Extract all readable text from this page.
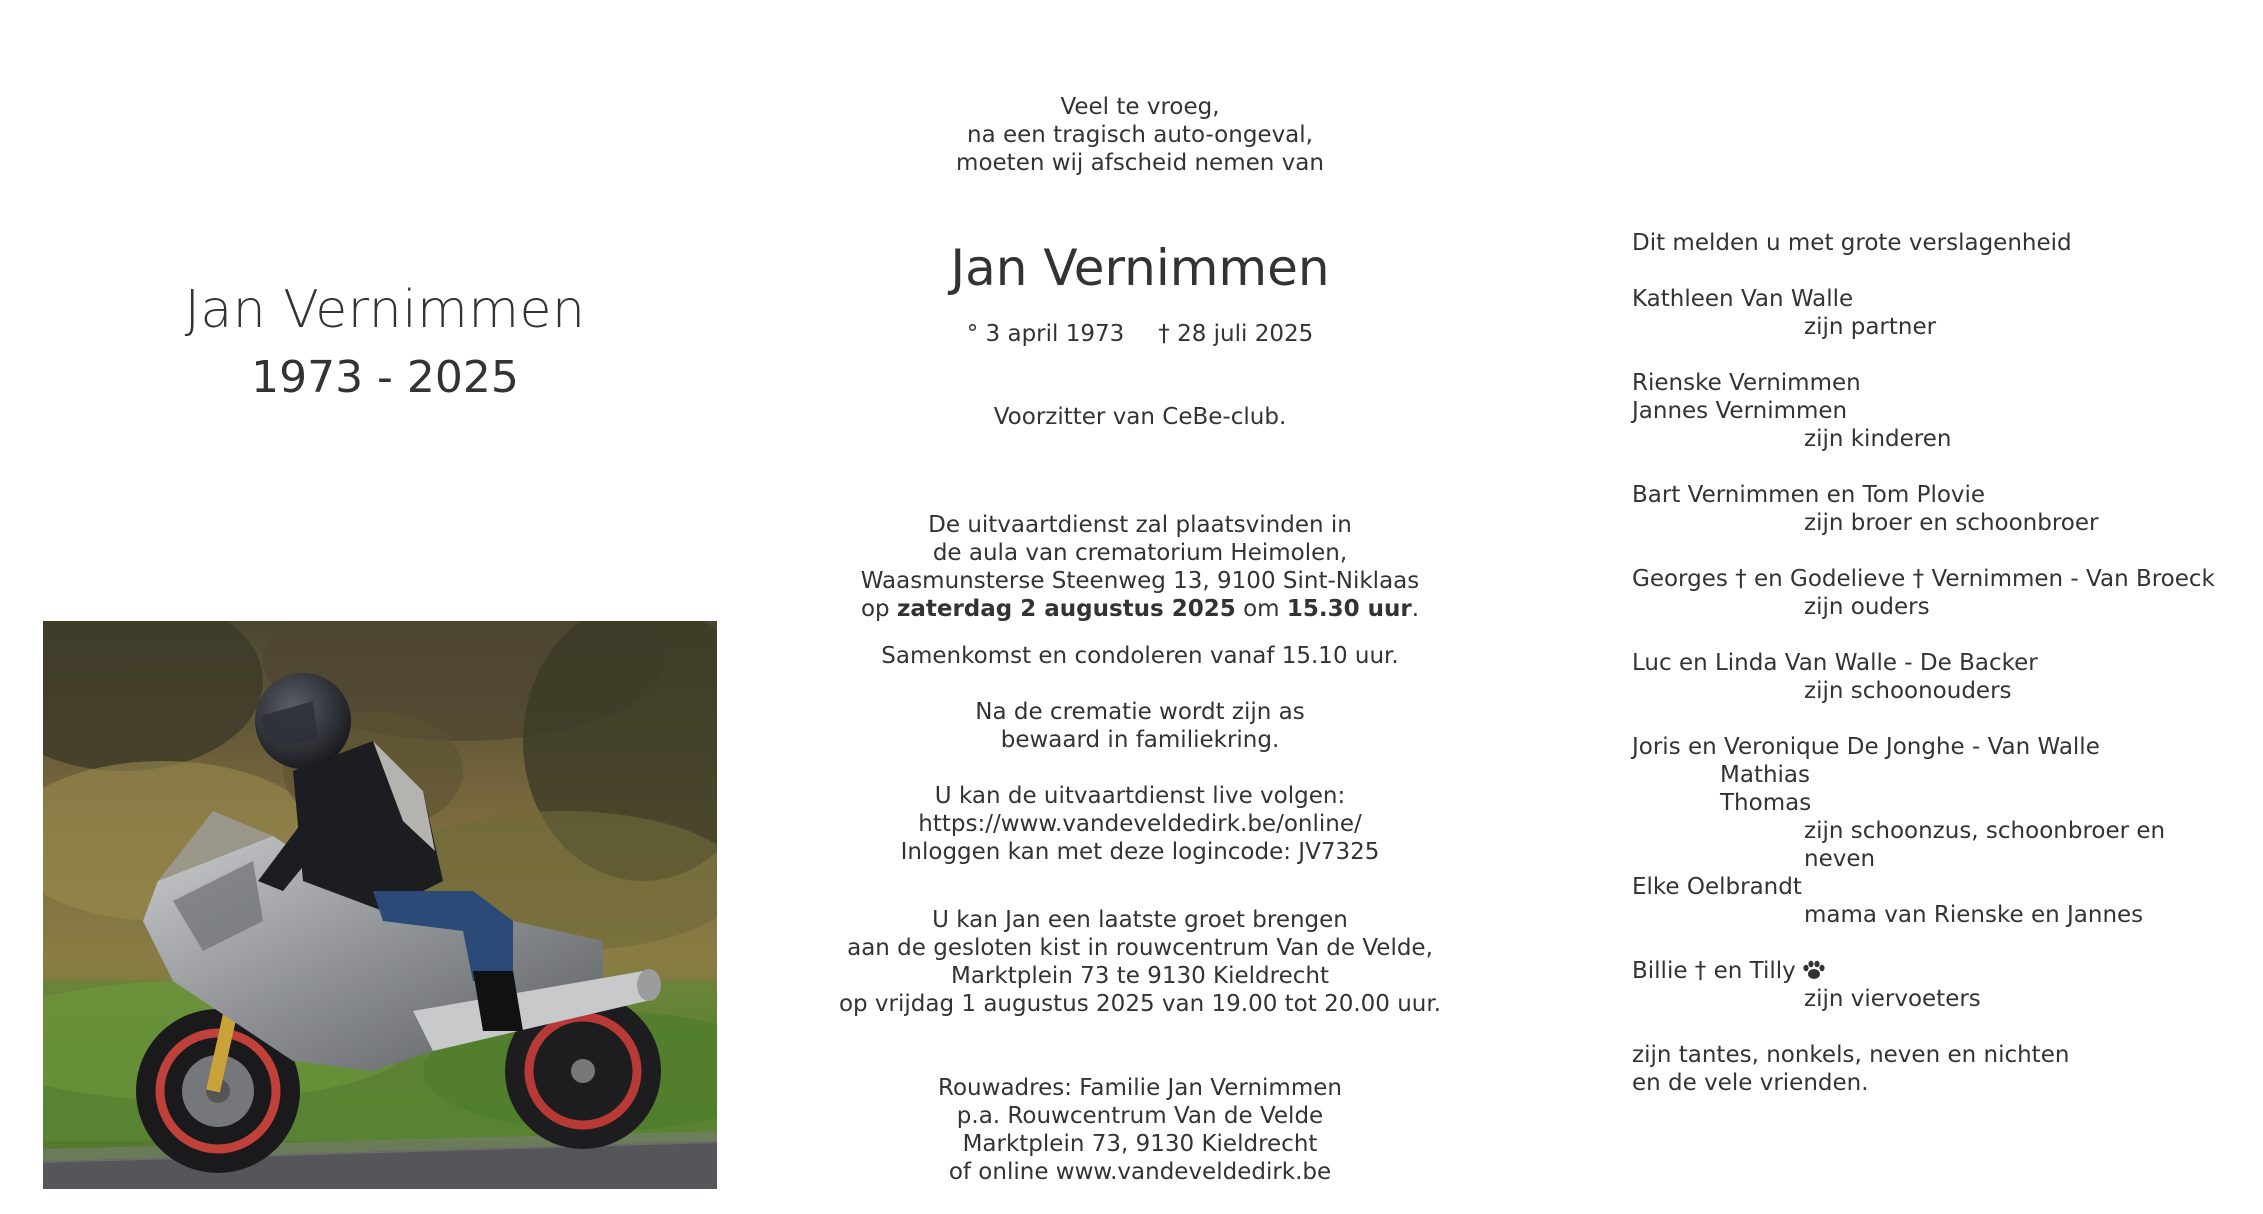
Jan Vernimmen
1973 - 2025

Veel te vroeg,

na een tragisch auto-ongeval,

moeten wij afscheid nemen van

Jan Vernimmen
° 3 april 1973 † 28 juli 2025
Voorzitter van CeBe-club.

De uitvaartdienst zal plaatsvinden in

de aula van crematorium Heimolen,

Waasmunsterse Steenweg 13, 9100 Sint-Niklaas

op zaterdag 2 augustus 2025 om 15.30 uur.

Samenkomst en condoleren vanaf 15.10 uur.

Na de crematie wordt zijn as

bewaard in familiekring.

U kan de uitvaartdienst live volgen:

https://www.vandeveldedirk.be/online/

Inloggen kan met deze logincode: JV7325

U kan Jan een laatste groet brengen

aan de gesloten kist in rouwcentrum Van de Velde,

Marktplein 73 te 9130 Kieldrecht

op vrijdag 1 augustus 2025 van 19.00 tot 20.00 uur.

Rouwadres: Familie Jan Vernimmen

p.a. Rouwcentrum Van de Velde

Marktplein 73, 9130 Kieldrecht

of online www.vandeveldedirk.be

Dit melden u met grote verslagenheid

Kathleen Van Walle

zijn partner

Rienske Vernimmen

Jannes Vernimmen

zijn kinderen

Bart Vernimmen en Tom Plovie

zijn broer en schoonbroer

Georges † en Godelieve † Vernimmen - Van Broeck

zijn ouders

Luc en Linda Van Walle - De Backer

zijn schoonouders

Joris en Veronique De Jonghe - Van Walle

Mathias

Thomas

zijn schoonzus, schoonbroer en neven

Elke Oelbrandt

mama van Rienske en Jannes

Billie † en Tilly

zijn viervoeters

zijn tantes, nonkels, neven en nichten

en de vele vrienden.
